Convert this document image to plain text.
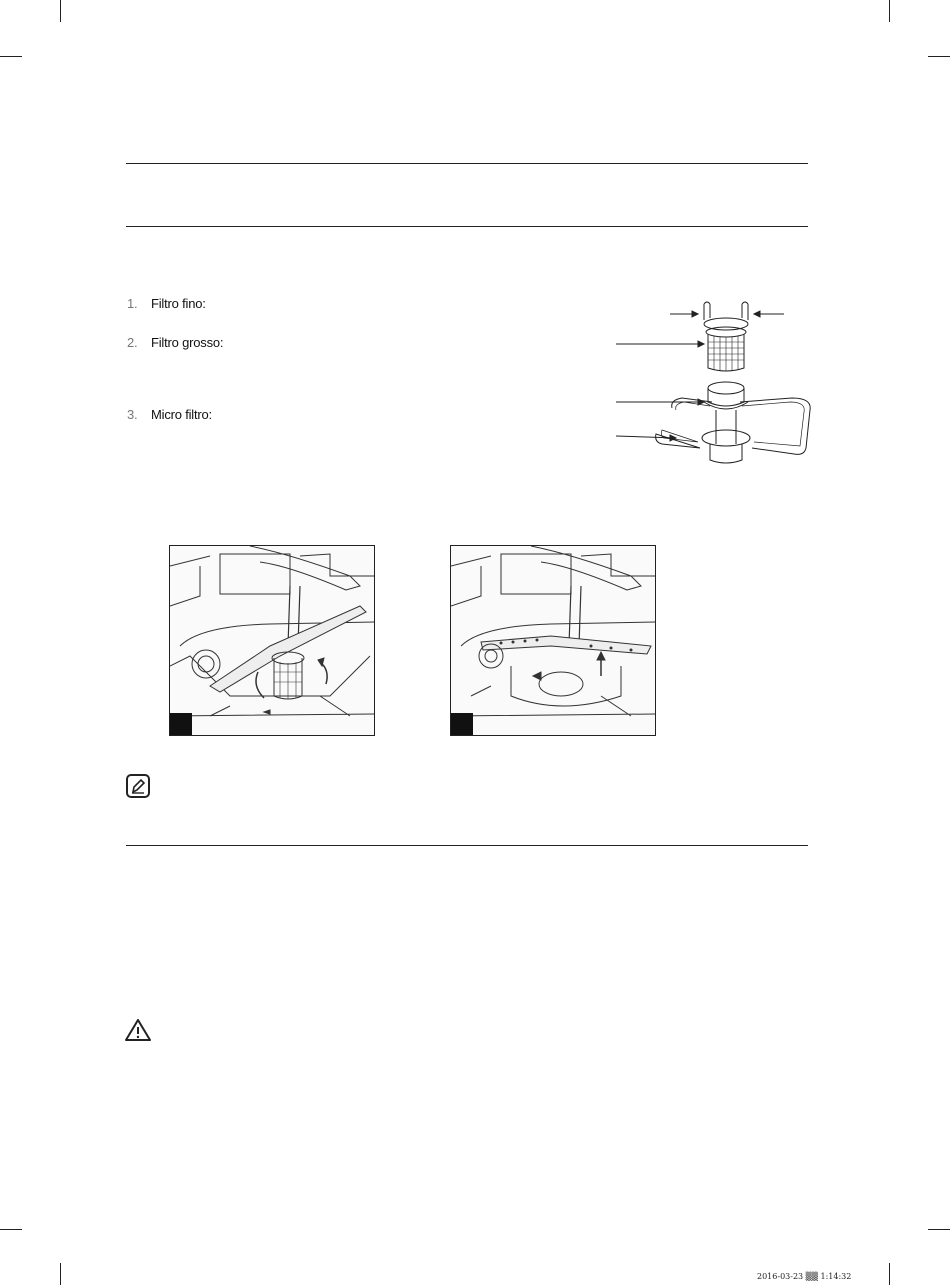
1.	Filtro fino:
2.	Filtro grosso:
3.	Micro filtro:
2016-03-23 ▒▒ 1:14:32
